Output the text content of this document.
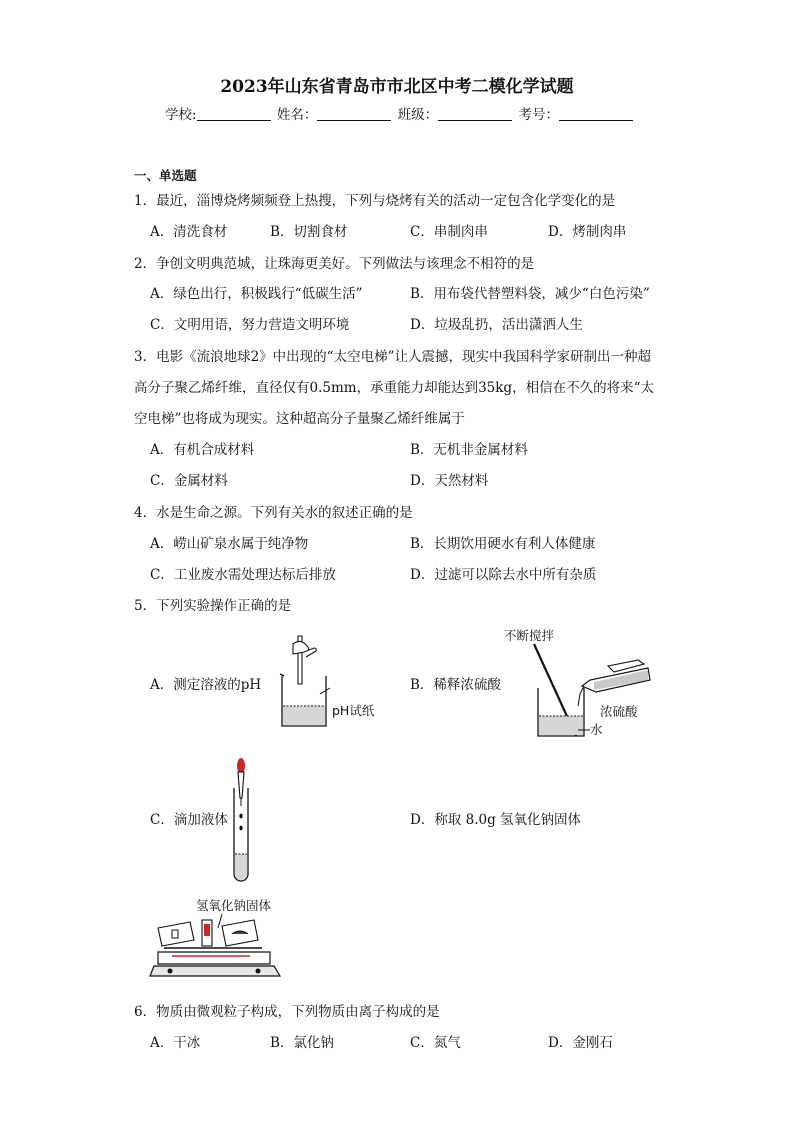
2023年山东省青岛市市北区中考二模化学试题
学校:	姓名：	班级：	考号：
一、单选题
1．最近，淄博烧烤频频登上热搜，下列与烧烤有关的活动一定包含化学变化的是
A．清洗食材	B．切割食材	C．串制肉串	D．烤制肉串
2．争创文明典范城，让珠海更美好。下列做法与该理念不相符的是
A．绿色出行，积极践行“低碳生活”	B．用布袋代替塑料袋，减少“白色污染”
C．文明用语，努力营造文明环境	D．垃圾乱扔，活出潇洒人生
3．电影《流浪地球2》中出现的“太空电梯”让人震撼，现实中我国科学家研制出一种超
高分子聚乙烯纤维，直径仅有0.5mm，承重能力却能达到35kg，相信在不久的将来“太
空电梯”也将成为现实。这种超高分子量聚乙烯纤维属于
A．有机合成材料	B．无机非金属材料
C．金属材料	D．天然材料
4．水是生命之源。下列有关水的叙述正确的是
A．崂山矿泉水属于纯净物	B．长期饮用硬水有利人体健康
C．工业废水需处理达标后排放	D．过滤可以除去水中所有杂质
5．下列实验操作正确的是
A．测定溶液的pH	B．稀释浓硫酸
C．滴加液体	D．称取 8.0g 氢氧化钠固体
pH试纸
不断搅拌
浓硫酸
水
氢氧化钠固体
6．物质由微观粒子构成，下列物质由离子构成的是
A．干冰	B．氯化钠	C．氮气	D．金刚石
